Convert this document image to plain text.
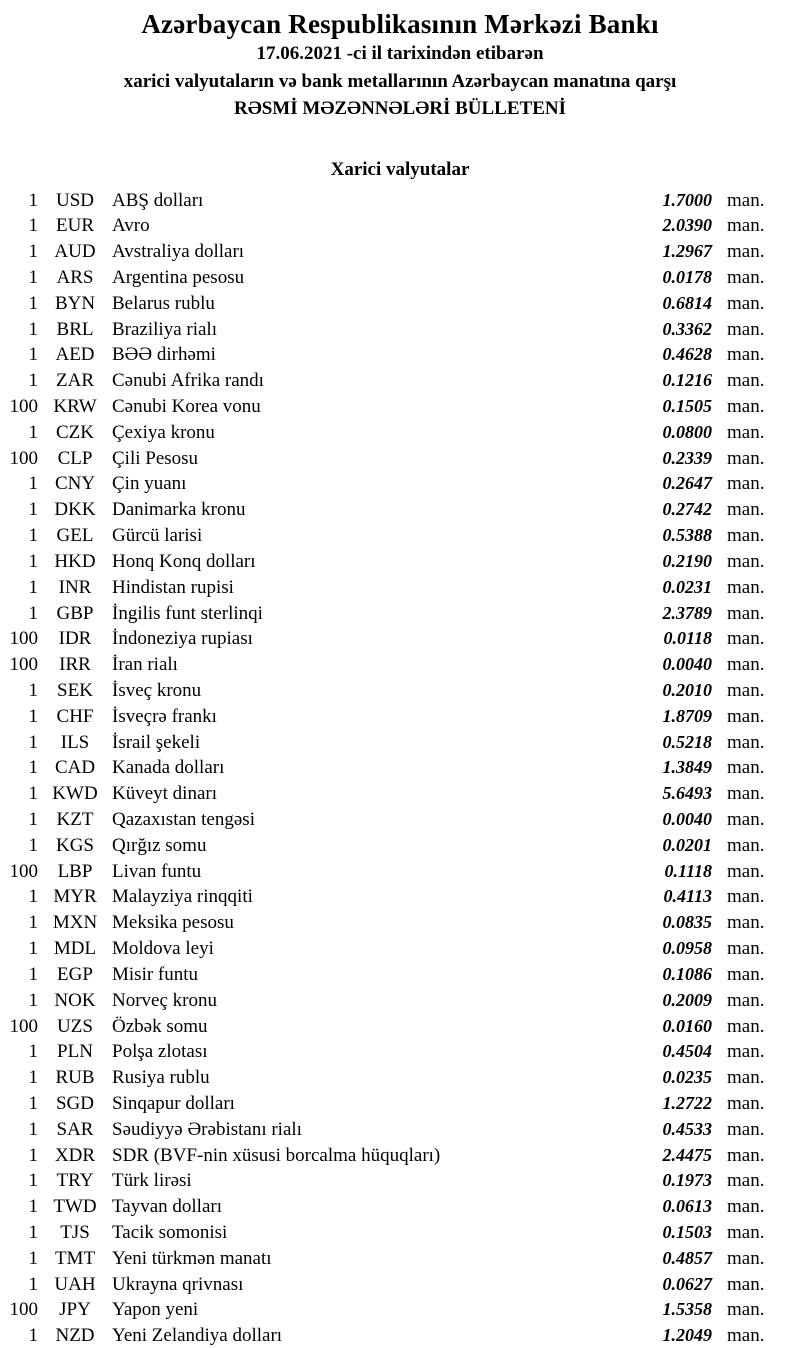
Azərbaycan Respublikasının Mərkəzi Bankı
17.06.2021 -ci il tarixindən etibarən
xarici valyutaların və bank metallarının Azərbaycan manatına qarşı
RƏSMİ MƏZƏNNƏLƏRİ BÜLLETENİ
Xarici valyutalar
1 USD ABŞ dolları	1.7000 man.
1 EUR Avro	2.0390 man.
1 AUD Avstraliya dolları	1.2967 man.
1 ARS Argentina pesosu	0.0178 man.
1 BYN Belarus rublu	0.6814 man.
1 BRL Braziliya rialı	0.3362 man.
1 AED BƏƏ dirhəmi	0.4628 man.
1 ZAR Cənubi Afrika randı	0.1216 man.
100 KRW Cənubi Korea vonu	0.1505 man.
1 CZK Çexiya kronu	0.0800 man.
100	CLP	Çili Pesosu	0.2339 man.
1 CNY Çin yuanı	0.2647 man.
1 DKK Danimarka kronu	0.2742 man.
1 GEL Gürcü larisi	0.5388 man.
1 HKD Honq Konq dolları	0.2190 man.
1	INR	Hindistan rupisi	0.0231 man.
1 GBP İngilis funt sterlinqi	2.3789 man.
100	IDR	İndoneziya rupiası	0.0118 man.
100	IRR	İran rialı	0.0040 man.
1	SEK	İsveç kronu	0.2010 man.
1 CHF İsveçrə frankı	1.8709 man.
1	ILS	İsrail şekeli	0.5218 man.
1 CAD Kanada dolları	1.3849 man.
1 KWD Küveyt dinarı	5.6493 man.
1 KZT Qazaxıstan tengəsi	0.0040 man.
1 KGS Qırğız somu	0.0201 man.
100	LBP	Livan funtu	0.1118 man.
1 MYR Malayziya rinqqiti	0.4113 man.
1 MXN Meksika pesosu	0.0835 man.
1 MDL Moldova leyi	0.0958 man.
1	EGP	Misir funtu	0.1086 man.
1 NOK Norveç kronu	0.2009 man.
100	UZS	Özbək somu	0.0160 man.
1	PLN	Polşa zlotası	0.4504 man.
1 RUB Rusiya rublu	0.0235 man.
1 SGD Sinqapur dolları	1.2722 man.
1 SAR Səudiyyə Ərəbistanı rialı	0.4533 man.
1 XDR SDR (BVF-nin xüsusi borcalma hüquqları)	2.4475 man.
1 TRY Türk lirəsi	0.1973 man.
1 TWD Tayvan dolları	0.0613 man.
1	TJS	Tacik somonisi	0.1503 man.
1 TMT Yeni türkmən manatı	0.4857 man.
1 UAH Ukrayna qrivnası	0.0627 man.
100	JPY	Yapon yeni	1.5358 man.
1 NZD Yeni Zelandiya dolları	1.2049 man.
